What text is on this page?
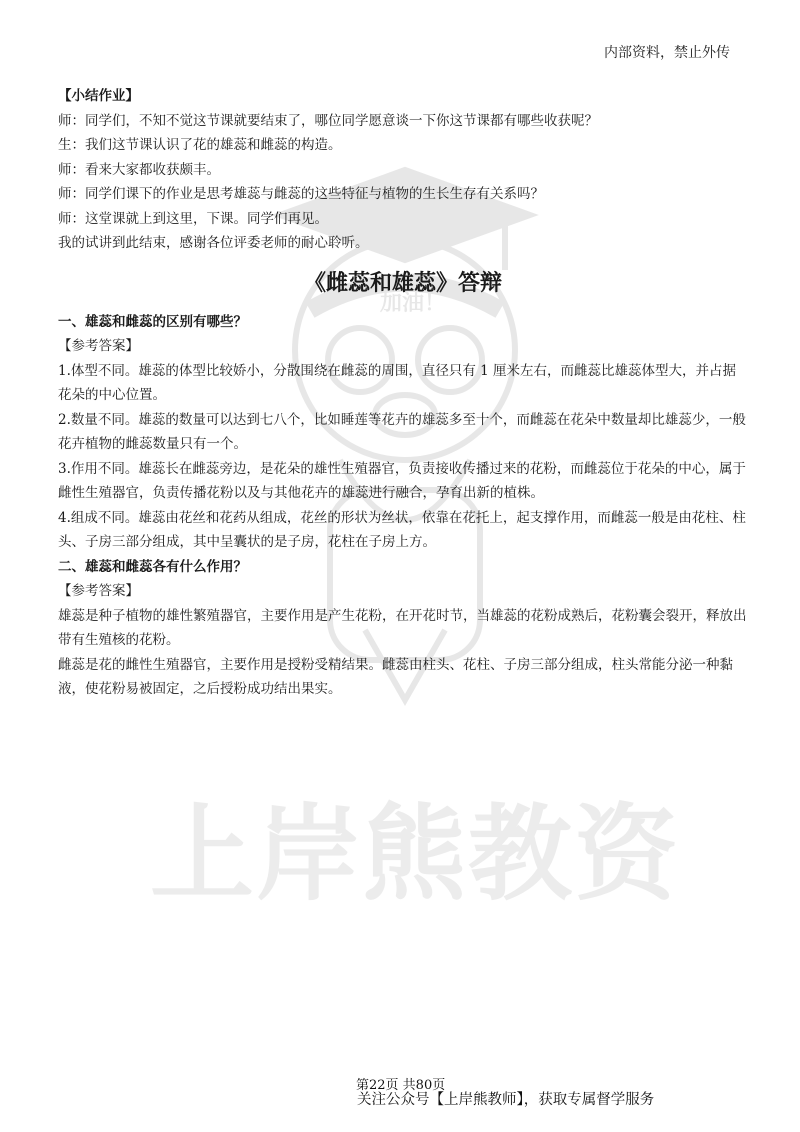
内部资料，禁止外传
加油！
上岸熊教资

【小结作业】

师：同学们，不知不觉这节课就要结束了，哪位同学愿意谈一下你这节课都有哪些收获呢？

生：我们这节课认识了花的雄蕊和雌蕊的构造。

师：看来大家都收获颇丰。

师：同学们课下的作业是思考雄蕊与雌蕊的这些特征与植物的生长生存有关系吗？

师：这堂课就上到这里，下课。同学们再见。

我的试讲到此结束，感谢各位评委老师的耐心聆听。

《雌蕊和雄蕊》答辩

一、雄蕊和雌蕊的区别有哪些？

【参考答案】

1.体型不同。雄蕊的体型比较娇小，分散围绕在雌蕊的周围，直径只有 1 厘米左右，而雌蕊比雄蕊体型大，并占据花朵的中心位置。

2.数量不同。雄蕊的数量可以达到七八个，比如睡莲等花卉的雄蕊多至十个，而雌蕊在花朵中数量却比雄蕊少，一般花卉植物的雌蕊数量只有一个。

3.作用不同。雄蕊长在雌蕊旁边，是花朵的雄性生殖器官，负责接收传播过来的花粉，而雌蕊位于花朵的中心，属于雌性生殖器官，负责传播花粉以及与其他花卉的雄蕊进行融合，孕育出新的植株。

4.组成不同。雄蕊由花丝和花药从组成，花丝的形状为丝状，依靠在花托上，起支撑作用，而雌蕊一般是由花柱、柱头、子房三部分组成，其中呈囊状的是子房，花柱在子房上方。

二、雄蕊和雌蕊各有什么作用？

【参考答案】

雄蕊是种子植物的雄性繁殖器官，主要作用是产生花粉，在开花时节，当雄蕊的花粉成熟后，花粉囊会裂开，释放出带有生殖核的花粉。

雌蕊是花的雌性生殖器官，主要作用是授粉受精结果。雌蕊由柱头、花柱、子房三部分组成，柱头常能分泌一种黏液，使花粉易被固定，之后授粉成功结出果实。

第22页 共80页
关注公众号【上岸熊教师】，获取专属督学服务
